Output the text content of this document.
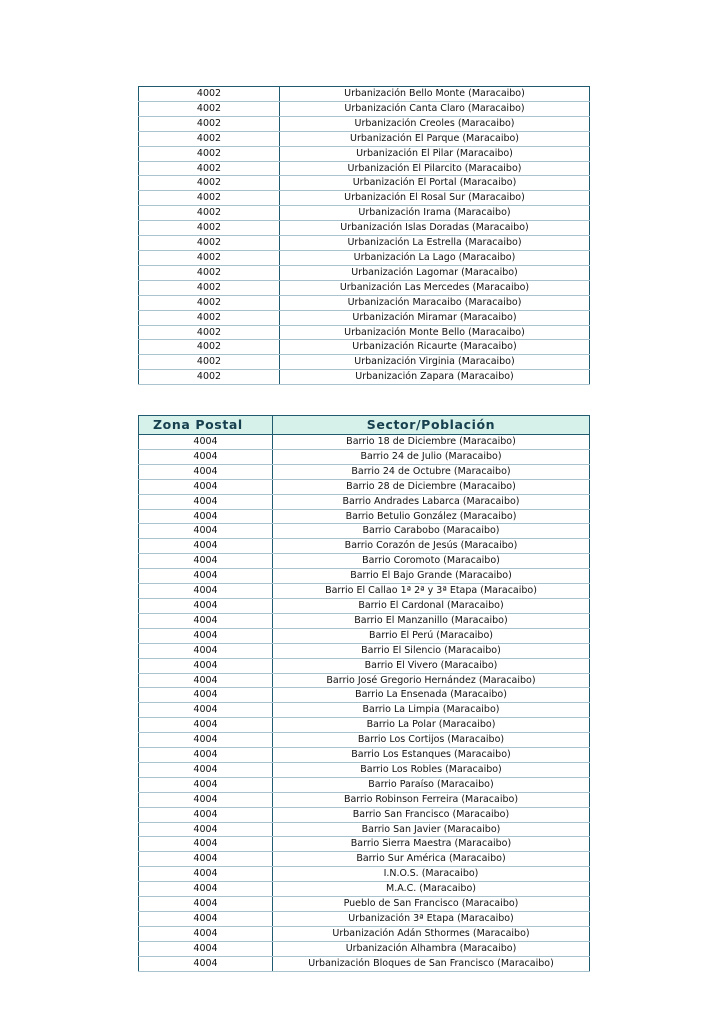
4002	Urbanización Bello Monte (Maracaibo)
4002	Urbanización Canta Claro (Maracaibo)
4002	Urbanización Creoles (Maracaibo)
4002	Urbanización El Parque (Maracaibo)
4002	Urbanización El Pilar (Maracaibo)
4002	Urbanización El Pilarcito (Maracaibo)
4002	Urbanización El Portal (Maracaibo)
4002	Urbanización El Rosal Sur (Maracaibo)
4002	Urbanización Irama (Maracaibo)
4002	Urbanización Islas Doradas (Maracaibo)
4002	Urbanización La Estrella (Maracaibo)
4002	Urbanización La Lago (Maracaibo)
4002	Urbanización Lagomar (Maracaibo)
4002	Urbanización Las Mercedes (Maracaibo)
4002	Urbanización Maracaibo (Maracaibo)
4002	Urbanización Miramar (Maracaibo)
4002	Urbanización Monte Bello (Maracaibo)
4002	Urbanización Ricaurte (Maracaibo)
4002	Urbanización Virginia (Maracaibo)
4002	Urbanización Zapara (Maracaibo)
Zona Postal	Sector/Población
4004	Barrio 18 de Diciembre (Maracaibo)
4004	Barrio 24 de Julio (Maracaibo)
4004	Barrio 24 de Octubre (Maracaibo)
4004	Barrio 28 de Diciembre (Maracaibo)
4004	Barrio Andrades Labarca (Maracaibo)
4004	Barrio Betulio González (Maracaibo)
4004	Barrio Carabobo (Maracaibo)
4004	Barrio Corazón de Jesús (Maracaibo)
4004	Barrio Coromoto (Maracaibo)
4004	Barrio El Bajo Grande (Maracaibo)
4004	Barrio El Callao 1ª 2ª y 3ª Etapa (Maracaibo)
4004	Barrio El Cardonal (Maracaibo)
4004	Barrio El Manzanillo (Maracaibo)
4004	Barrio El Perú (Maracaibo)
4004	Barrio El Silencio (Maracaibo)
4004	Barrio El Vivero (Maracaibo)
4004	Barrio José Gregorio Hernández (Maracaibo)
4004	Barrio La Ensenada (Maracaibo)
4004	Barrio La Limpia (Maracaibo)
4004	Barrio La Polar (Maracaibo)
4004	Barrio Los Cortijos (Maracaibo)
4004	Barrio Los Estanques (Maracaibo)
4004	Barrio Los Robles (Maracaibo)
4004	Barrio Paraíso (Maracaibo)
4004	Barrio Robinson Ferreira (Maracaibo)
4004	Barrio San Francisco (Maracaibo)
4004	Barrio San Javier (Maracaibo)
4004	Barrio Sierra Maestra (Maracaibo)
4004	Barrio Sur América (Maracaibo)
4004	I.N.O.S. (Maracaibo)
4004	M.A.C. (Maracaibo)
4004	Pueblo de San Francisco (Maracaibo)
4004	Urbanización 3ª Etapa (Maracaibo)
4004	Urbanización Adán Sthormes (Maracaibo)
4004	Urbanización Alhambra (Maracaibo)
4004	Urbanización Bloques de San Francisco (Maracaibo)
